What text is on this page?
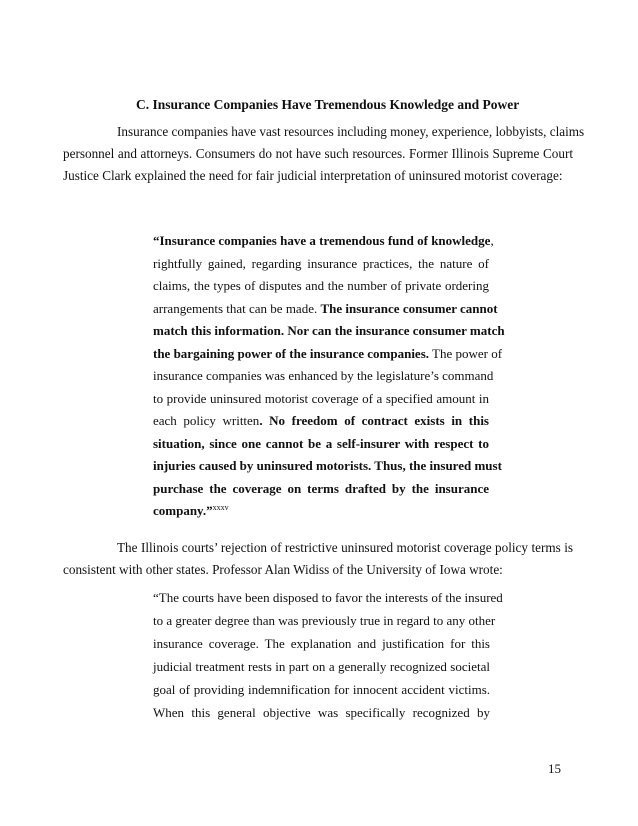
C. Insurance Companies Have Tremendous Knowledge and Power
Insurance companies have vast resources including money, experience, lobbyists, claims
personnel and attorneys. Consumers do not have such resources. Former Illinois Supreme Court
Justice Clark explained the need for fair judicial interpretation of uninsured motorist coverage:
“Insurance companies have a tremendous fund of knowledge,
rightfully gained, regarding insurance practices, the nature of
claims, the types of disputes and the number of private ordering
arrangements that can be made. The insurance consumer cannot
match this information. Nor can the insurance consumer match
the bargaining power of the insurance companies. The power of
insurance companies was enhanced by the legislature’s command
to provide uninsured motorist coverage of a specified amount in
each policy written. No freedom of contract exists in this
situation, since one cannot be a self-insurer with respect to
injuries caused by uninsured motorists. Thus, the insured must
purchase the coverage on terms drafted by the insurance
company.”$^{xxxv}$
The Illinois courts’ rejection of restrictive uninsured motorist coverage policy terms is
consistent with other states. Professor Alan Widiss of the University of Iowa wrote:
“The courts have been disposed to favor the interests of the insured
to a greater degree than was previously true in regard to any other
insurance coverage. The explanation and justification for this
judicial treatment rests in part on a generally recognized societal
goal of providing indemnification for innocent accident victims.
When this general objective was specifically recognized by
15
